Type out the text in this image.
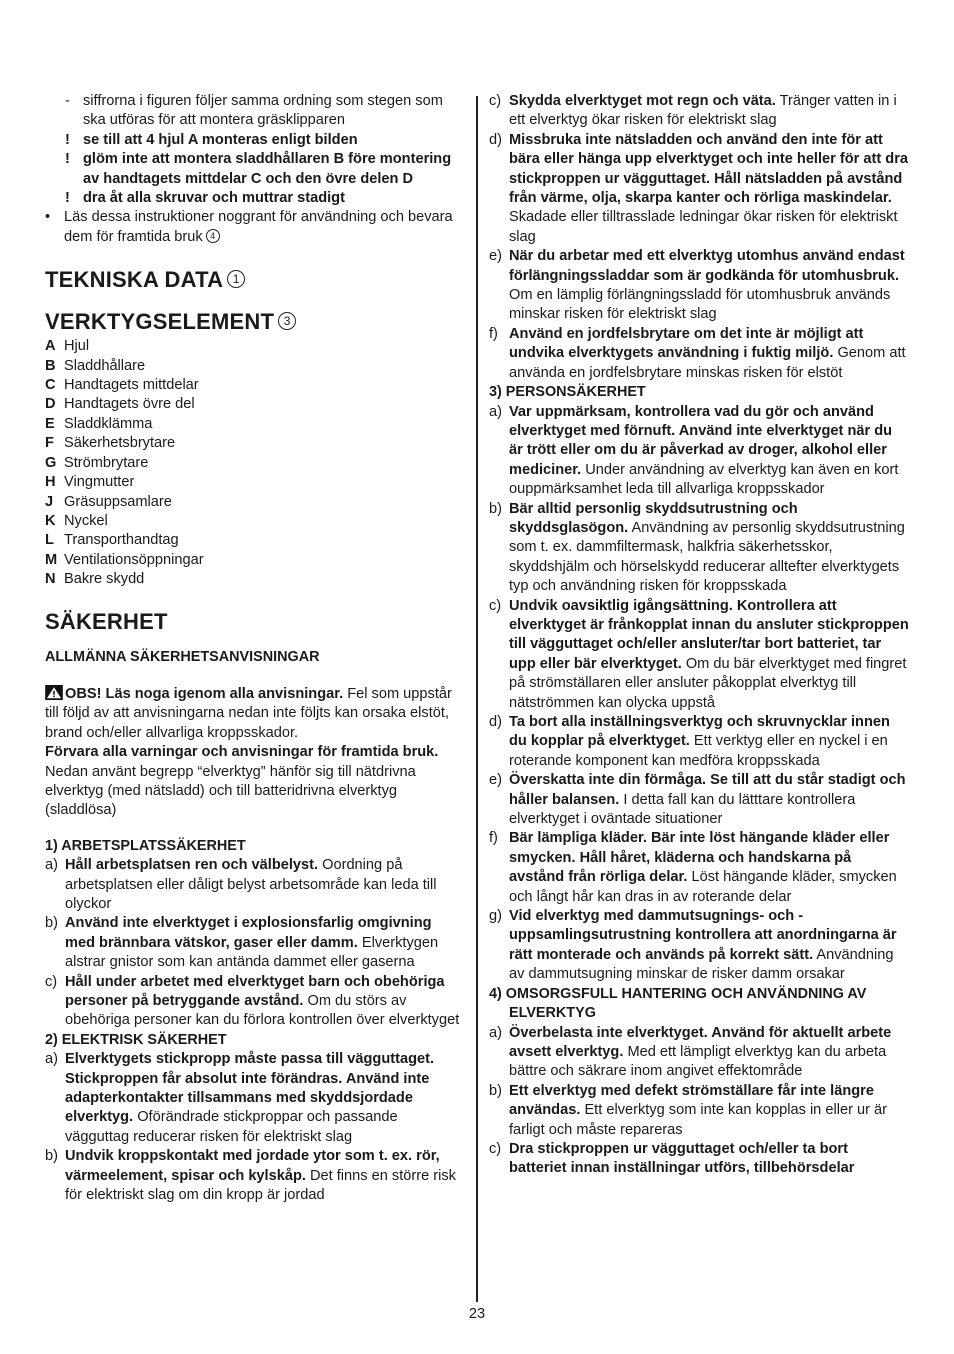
- siffrorna i figuren följer samma ordning som stegen som ska utföras för att montera gräsklipparen
! se till att 4 hjul A monteras enligt bilden
! glöm inte att montera sladdhållaren B före montering av handtagets mittdelar C och den övre delen D
! dra åt alla skruvar och muttrar stadigt
• Läs dessa instruktioner noggrant för användning och bevara dem för framtida bruk 4
TEKNISKA DATA 1
VERKTYGSELEMENT 3
A Hjul
B Sladdhållare
C Handtagets mittdelar
D Handtagets övre del
E Sladdklämma
F Säkerhetsbrytare
G Strömbrytare
H Vingmutter
J Gräsuppsamlare
K Nyckel
L Transporthandtag
M Ventilationsöppningar
N Bakre skydd
SÄKERHET
ALLMÄNNA SÄKERHETSANVISNINGAR
OBS! Läs noga igenom alla anvisningar. Fel som uppstår till följd av att anvisningarna nedan inte följts kan orsaka elstöt, brand och/eller allvarliga kroppsskador.
Förvara alla varningar och anvisningar för framtida bruk. Nedan använt begrepp “elverktyg” hänför sig till nätdrivna elverktyg (med nätsladd) och till batteridrivna elverktyg (sladdlösa)
1) ARBETSPLATSSÄKERHET
a) Håll arbetsplatsen ren och välbelyst. Oordning på arbetsplatsen eller dåligt belyst arbetsområde kan leda till olyckor
b) Använd inte elverktyget i explosionsfarlig omgivning med brännbara vätskor, gaser eller damm. Elverktygen alstrar gnistor som kan antända dammet eller gaserna
c) Håll under arbetet med elverktyget barn och obehöriga personer på betryggande avstånd. Om du störs av obehöriga personer kan du förlora kontrollen över elverktyget
2) ELEKTRISK SÄKERHET
a) Elverktygets stickpropp måste passa till vägguttaget. Stickproppen får absolut inte förändras. Använd inte adapterkontakter tillsammans med skyddsjordade elverktyg. Oförändrade stickproppar och passande vägguttag reducerar risken för elektriskt slag
b) Undvik kroppskontakt med jordade ytor som t. ex. rör, värmeelement, spisar och kylskåp. Det finns en större risk för elektriskt slag om din kropp är jordad
c) Skydda elverktyget mot regn och väta. Tränger vatten in i ett elverktyg ökar risken för elektriskt slag
d) Missbruka inte nätsladden och använd den inte för att bära eller hänga upp elverktyget och inte heller för att dra stickproppen ur vägguttaget. Håll nätsladden på avstånd från värme, olja, skarpa kanter och rörliga maskindelar. Skadade eller tilltrasslade ledningar ökar risken för elektriskt slag
e) När du arbetar med ett elverktyg utomhus använd endast förlängningssladdar som är godkända för utomhusbruk. Om en lämplig förlängningssladd för utomhusbruk används minskar risken för elektriskt slag
f) Använd en jordfelsbrytare om det inte är möjligt att undvika elverktygets användning i fuktig miljö. Genom att använda en jordfelsbrytare minskas risken för elstöt
3) PERSONSÄKERHET
a) Var uppmärksam, kontrollera vad du gör och använd elverktyget med förnuft. Använd inte elverktyget när du är trött eller om du är påverkad av droger, alkohol eller mediciner. Under användning av elverktyg kan även en kort ouppmärksamhet leda till allvarliga kroppsskador
b) Bär alltid personlig skyddsutrustning och skyddsglasögon. Användning av personlig skyddsutrustning som t. ex. dammfiltermask, halkfria säkerhetsskor, skyddshjälm och hörselskydd reducerar alltefter elverktygets typ och användning risken för kroppsskada
c) Undvik oavsiktlig igångsättning. Kontrollera att elverktyget är frånkopplat innan du ansluter stickproppen till vägguttaget och/eller ansluter/tar bort batteriet, tar upp eller bär elverktyget. Om du bär elverktyget med fingret på strömställaren eller ansluter påkopplat elverktyg till nätströmmen kan olycka uppstå
d) Ta bort alla inställningsverktyg och skruvnycklar innen du kopplar på elverktyget. Ett verktyg eller en nyckel i en roterande komponent kan medföra kroppsskada
e) Överskatta inte din förmåga. Se till att du står stadigt och håller balansen. I detta fall kan du lätttare kontrollera elverktyget i oväntade situationer
f) Bär lämpliga kläder. Bär inte löst hängande kläder eller smycken. Håll håret, kläderna och handskarna på avstånd från rörliga delar. Löst hängande kläder, smycken och långt hår kan dras in av roterande delar
g) Vid elverktyg med dammutsugnings- och -uppsamlingsutrustning kontrollera att anordningarna är rätt monterade och används på korrekt sätt. Användning av dammutsugning minskar de risker damm orsakar
4) OMSORGSFULL HANTERING OCH ANVÄNDNING AV ELVERKTYG
a) Överbelasta inte elverktyget. Använd för aktuellt arbete avsett elverktyg. Med ett lämpligt elverktyg kan du arbeta bättre och säkrare inom angivet effektområde
b) Ett elverktyg med defekt strömställare får inte längre användas. Ett elverktyg som inte kan kopplas in eller ur är farligt och måste repareras
c) Dra stickproppen ur vägguttaget och/eller ta bort batteriet innan inställningar utförs, tillbehörsdelar
23
